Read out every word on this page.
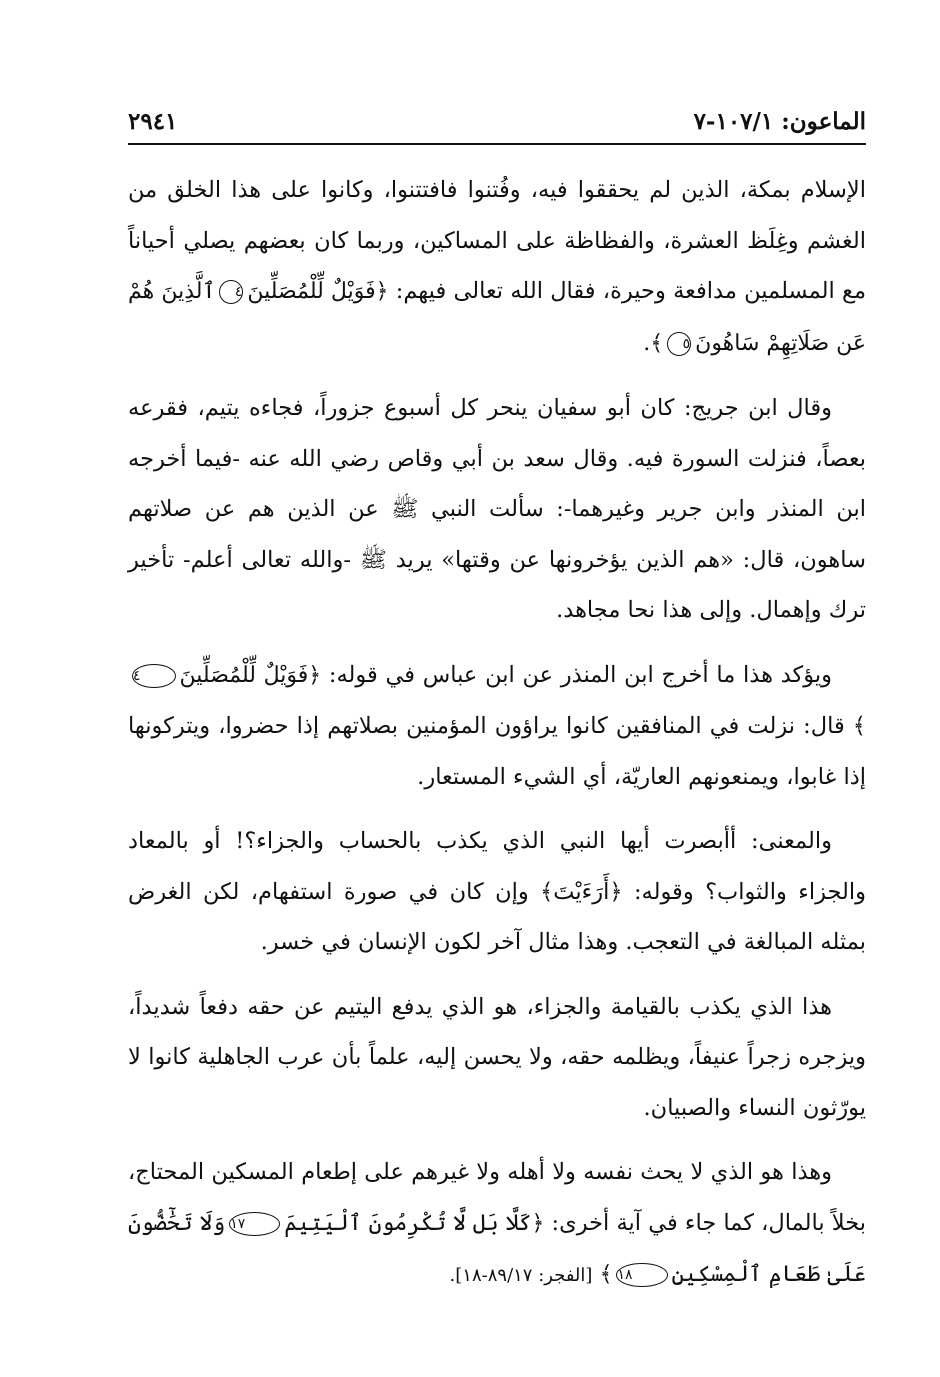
الماعون: ١٠٧/١-٧
٢٩٤١

الإسلام بمكة، الذين لم يحققوا فيه، وفُتنوا فافتتنوا، وكانوا على هذا الخلق من الغشم وغِلَظ العشرة، والفظاظة على المساكين، وربما كان بعضهم يصلي أحياناً مع المسلمين مدافعة وحيرة، فقال الله تعالى فيهم: ﴿فَوَيْلٌ لِّلْمُصَلِّينَ٤ٱلَّذِينَ هُمْ عَن صَلَاتِهِمْ سَاهُونَ٥﴾.

وقال ابن جريج: كان أبو سفيان ينحر كل أسبوع جزوراً، فجاءه يتيم، فقرعه بعصاً، فنزلت السورة فيه. وقال سعد بن أبي وقاص رضي الله عنه -فيما أخرجه ابن المنذر وابن جرير وغيرهما-: سألت النبي ﷺ عن الذين هم عن صلاتهم ساهون، قال: «هم الذين يؤخرونها عن وقتها» يريد ﷺ -والله تعالى أعلم- تأخير ترك وإهمال. وإلى هذا نحا مجاهد.

ويؤكد هذا ما أخرج ابن المنذر عن ابن عباس في قوله: ﴿فَوَيْلٌ لِّلْمُصَلِّينَ٤﴾ قال: نزلت في المنافقين كانوا يراؤون المؤمنين بصلاتهم إذا حضروا، ويتركونها إذا غابوا، ويمنعونهم العاريّة، أي الشيء المستعار.

والمعنى: أأبصرت أيها النبي الذي يكذب بالحساب والجزاء؟! أو بالمعاد والجزاء والثواب؟ وقوله: ﴿أَرَءَيْتَ﴾ وإن كان في صورة استفهام، لكن الغرض بمثله المبالغة في التعجب. وهذا مثال آخر لكون الإنسان في خسر.

هذا الذي يكذب بالقيامة والجزاء، هو الذي يدفع اليتيم عن حقه دفعاً شديداً، ويزجره زجراً عنيفاً، ويظلمه حقه، ولا يحسن إليه، علماً بأن عرب الجاهلية كانوا لا يورّثون النساء والصبيان.

وهذا هو الذي لا يحث نفسه ولا أهله ولا غيرهم على إطعام المسكين المحتاج، بخلاً بالمال، كما جاء في آية أخرى: ﴿كَلَّا بَل لَّا تُكْرِمُونَ ٱلْيَتِيمَ١٧وَلَا تَحَٰٓضُّونَ عَلَىٰ طَعَامِ ٱلْمِسْكِينِ١٨﴾ [الفجر: ٨٩/١٧-١٨].
